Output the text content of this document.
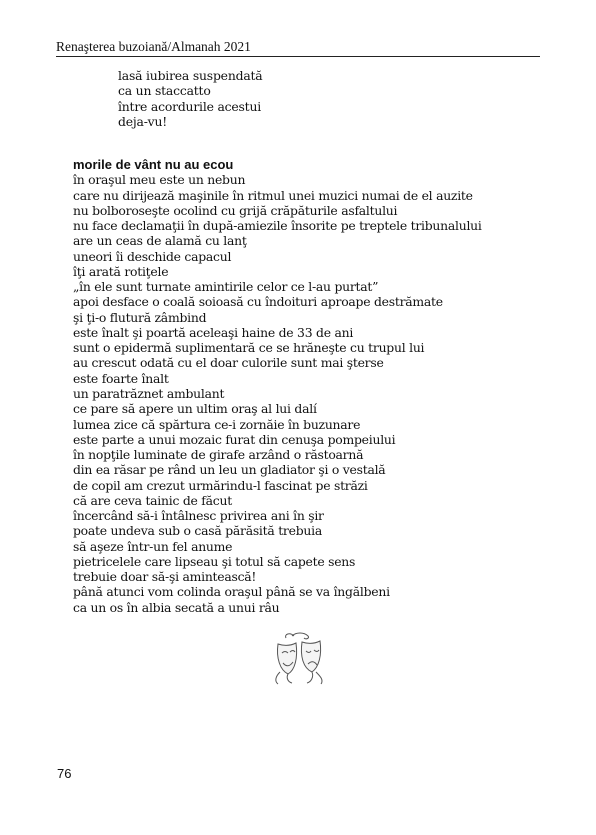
Renaşterea buzoiană/Almanah 2021
lasă iubirea suspendată
ca un staccatto
între acordurile acestui
deja-vu!
morile de vânt nu au ecou
în oraşul meu este un nebun
care nu dirijează maşinile în ritmul unei muzici numai de el auzite
nu bolboroseşte ocolind cu grijă crăpăturile asfaltului
nu face declamaţii în după-amiezile însorite pe treptele tribunalului
are un ceas de alamă cu lanţ
uneori îi deschide capacul
îţi arată rotiţele
„în ele sunt turnate amintirile celor ce l-au purtat”
apoi desface o coală soioasă cu îndoituri aproape destrămate
şi ţi-o flutură zâmbind
este înalt şi poartă aceleaşi haine de 33 de ani
sunt o epidermă suplimentară ce se hrăneşte cu trupul lui
au crescut odată cu el doar culorile sunt mai şterse
este foarte înalt
un paratrăznet ambulant
ce pare să apere un ultim oraş al lui dalí
lumea zice că spărtura ce-i zornăie în buzunare
este parte a unui mozaic furat din cenuşa pompeiului
în nopţile luminate de girafe arzând o răstoarnă
din ea răsar pe rând un leu un gladiator şi o vestală
de copil am crezut urmărindu-l fascinat pe străzi
că are ceva tainic de făcut
încercând să-i întâlnesc privirea ani în şir
poate undeva sub o casă părăsită trebuia
să aşeze într-un fel anume
pietricelele care lipseau şi totul să capete sens
trebuie doar să-şi amintească!
până atunci vom colinda oraşul până se va îngălbeni
ca un os în albia secată a unui râu
76
